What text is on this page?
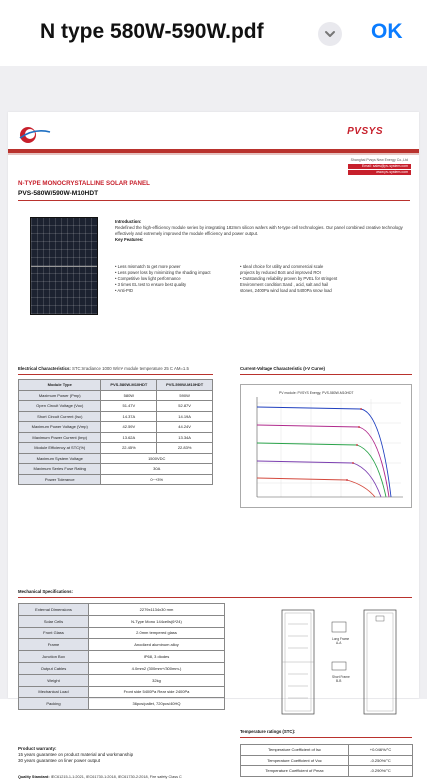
N type 580W-590W.pdf	OK
PVSYS
Shanghai Pvsys New Energy Co.,Ltd
Email: sales@pv-system.com
www.pv-system.com
N-TYPE MONOCRYSTALLINE SOLAR PANEL
PVS-580W/590W-M10HDT
Introduction:
Redefined the high-efficiency module series by integrating 182mm silicon wafers with N-type cell technologies. Our panel combined creative technology effectively and extremely improved the module efficiency and power output.
Key Features:
• Less mismatch to get more power
• Less power loss by minimizing the shading impact
• Competitive low light performance
• 3 times EL test to ensure best quality
• Anti-PID
• Ideal choice for utility and commercial scale
projects by reduced BoS and improved ROI
• Outstanding reliability proven by PVEL for stringent
Environment condition:Sand , acid, salt and hail
stones, 2400Pa wind load and 5400Pa snow load
Electrical Characteristics: STC:Irradiance 1000 W/m² module temperature 25 C AM=1.5
Module Type	PVS-580W-M10HDT	PVS-590W-M10HDT
Maximum Power (Pmp)	580W	590W
Open Circuit Voltage (Voc)	51.47V	52.87V
Short Circuit Current (Isc)	14.37A	14.19A
Maximum Power Voltage (Vmp)	42.59V	44.24V
Maximum Power Current (Imp)	13.62A	13.34A
Module Efficiency at STC(%)	22.45%	22.83%
Maximum System Voltage	1500VDC	
Maximum Series Fuse Rating	30A	
Power Tolerance	0~+3%	
Current-Voltage Characteristic (I-V Curve)
PV module: PVSYS Energy, PVS-580W-M10HDT
Mechanical Specifications:
External Dimensions	2279x1134x30 mm
Solar Cells	N-Type Mono 144cells(6*24)
Front Glass	2.0mm tempered glass
Frame	Anodized aluminum alloy
Junction Box	IP68, 3 diodes
Output Cables	4.0mm2 (300mm+/300mm-)
Weight	32kg
Mechanical Load	Front side 5400Pa Rear side 2400Pa
Packing	36pcs/pallet, 720pcs/40HQ
Long Frame
A-A
Short Frame
B-B
Temperature ratings (STC):
Temperature Coefficient of Isc	+0.046%/°C
Temperature Coefficient of Voc	-0.250%/°C
Temperature Coefficient of Pmax	-0.290%/°C
Product warranty:
15 years guarantee on product material and workmanship
30 years guarantee on liner power output
Quality Standard: IEC61215-1-1:2021, IEC61730-1:2018, IEC61730-2:2018, Fire safety Class C
